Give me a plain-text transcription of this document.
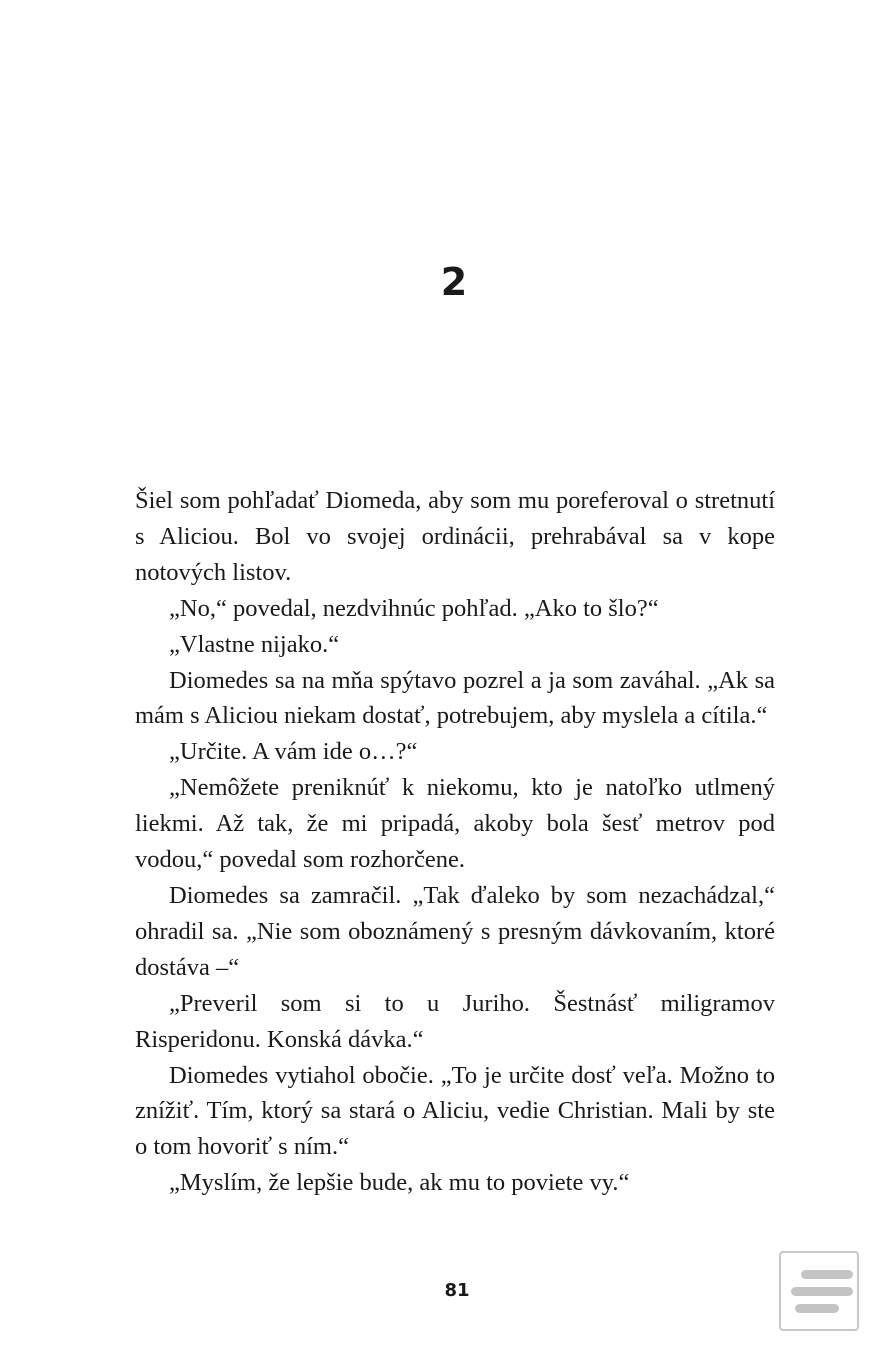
2

Šiel som pohľadať Diomeda, aby som mu poreferoval o stretnutí s Aliciou. Bol vo svojej ordinácii, prehrabával sa v kope notových listov.

„No,“ povedal, nezdvihnúc pohľad. „Ako to šlo?“

„Vlastne nijako.“

Diomedes sa na mňa spýtavo pozrel a ja som zaváhal. „Ak sa mám s Aliciou niekam dostať, potrebujem, aby myslela a cítila.“

„Určite. A vám ide o…?“

„Nemôžete preniknúť k niekomu, kto je natoľko utlmený liekmi. Až tak, že mi pripadá, akoby bola šesť metrov pod vodou,“ povedal som rozhorčene.

Diomedes sa zamračil. „Tak ďaleko by som nezachádzal,“ ohradil sa. „Nie som oboznámený s presným dávkovaním, ktoré dostáva –“

„Preveril som si to u Juriho. Šestnásť miligramov Risperidonu. Konská dávka.“

Diomedes vytiahol obočie. „To je určite dosť veľa. Možno to znížiť. Tím, ktorý sa stará o Aliciu, vedie Christian. Mali by ste o tom hovoriť s ním.“

„Myslím, že lepšie bude, ak mu to poviete vy.“

81
